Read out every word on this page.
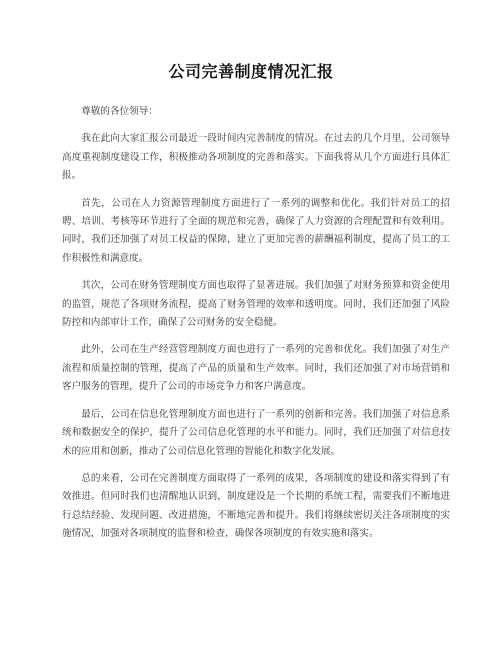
公司完善制度情况汇报

尊敬的各位领导：

我在此向大家汇报公司最近一段时间内完善制度的情况。在过去的几个月里，公司领导高度重视制度建设工作，积极推动各项制度的完善和落实。下面我将从几个方面进行具体汇报。

首先，公司在人力资源管理制度方面进行了一系列的调整和优化。我们针对员工的招聘、培训、考核等环节进行了全面的规范和完善，确保了人力资源的合理配置和有效利用。同时，我们还加强了对员工权益的保障，建立了更加完善的薪酬福利制度，提高了员工的工作积极性和满意度。

其次，公司在财务管理制度方面也取得了显著进展。我们加强了对财务预算和资金使用的监管，规范了各项财务流程，提高了财务管理的效率和透明度。同时，我们还加强了风险防控和内部审计工作，确保了公司财务的安全稳健。

此外，公司在生产经营管理制度方面也进行了一系列的完善和优化。我们加强了对生产流程和质量控制的管理，提高了产品的质量和生产效率。同时，我们还加强了对市场营销和客户服务的管理，提升了公司的市场竞争力和客户满意度。

最后，公司在信息化管理制度方面也进行了一系列的创新和完善。我们加强了对信息系统和数据安全的保护，提升了公司信息化管理的水平和能力。同时，我们还加强了对信息技术的应用和创新，推动了公司信息化管理的智能化和数字化发展。

总的来看，公司在完善制度方面取得了一系列的成果，各项制度的建设和落实得到了有效推进。但同时我们也清醒地认识到，制度建设是一个长期的系统工程，需要我们不断地进行总结经验、发现问题、改进措施，不断地完善和提升。我们将继续密切关注各项制度的实施情况，加强对各项制度的监督和检查，确保各项制度的有效实施和落实。
